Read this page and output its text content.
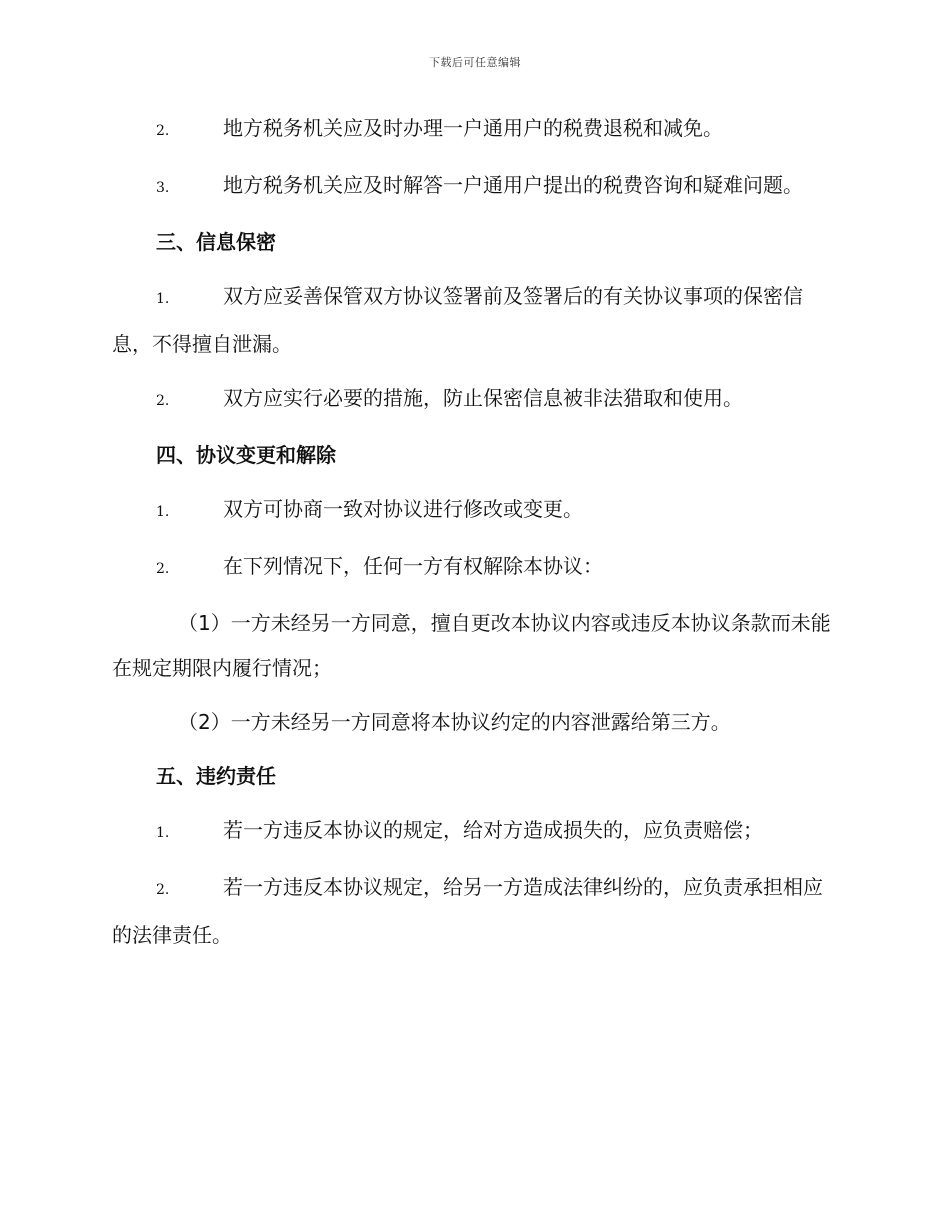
下载后可任意编辑

2.	地方税务机关应及时办理一户通用户的税费退税和减免。

3.	地方税务机关应及时解答一户通用户提出的税费咨询和疑难问题。

三、信息保密

1.	双方应妥善保管双方协议签署前及签署后的有关协议事项的保密信息，不得擅自泄漏。

2.	双方应实行必要的措施，防止保密信息被非法猎取和使用。

四、协议变更和解除

1.	双方可协商一致对协议进行修改或变更。

2.	在下列情况下，任何一方有权解除本协议：

（1）一方未经另一方同意，擅自更改本协议内容或违反本协议条款而未能在规定期限内履行情况；

（2）一方未经另一方同意将本协议约定的内容泄露给第三方。

五、违约责任

1.	若一方违反本协议的规定，给对方造成损失的，应负责赔偿；

2.	若一方违反本协议规定，给另一方造成法律纠纷的，应负责承担相应的法律责任。
